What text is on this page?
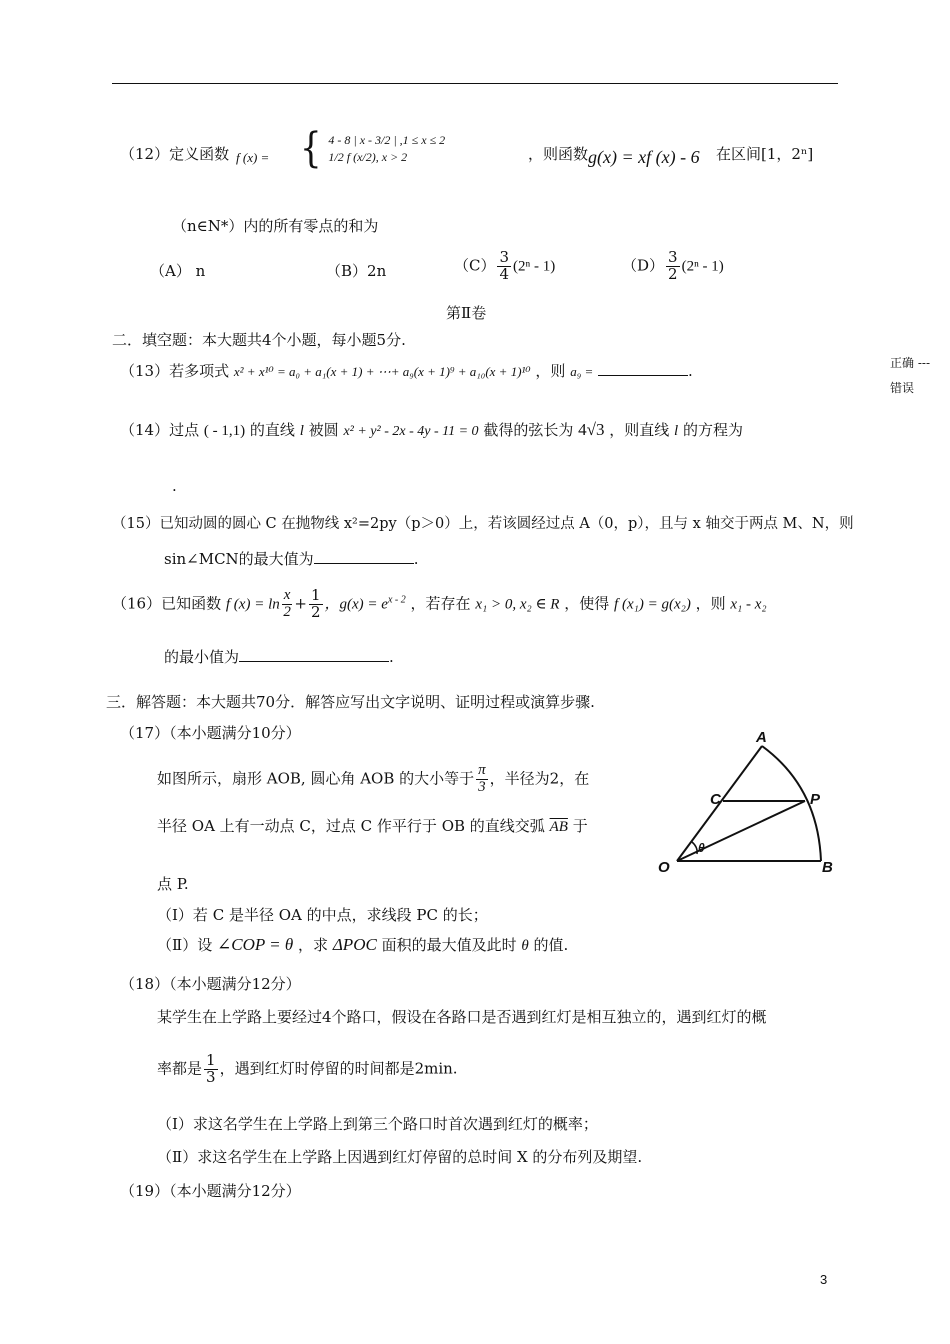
（12）定义函数 f (x) = { 4 - 8 | x - 3/2 | ,1 ≤ x ≤ 2
1/2 f (x/2), x > 2	，则函数 g(x) = xf (x) - 6 在区间[1，2ⁿ]
（n∈N*）内的所有零点的和为
（A） n	（B）2n	$(C) \frac{3}{4} (2^n - 1)$	$(D) \frac{3}{2} (2^n - 1)$
第Ⅱ卷
二．填空题：本大题共4个小题，每小题5分.
（13）若多项式 x² + x¹⁰ = a₀ + a₁(x + 1) + ⋯+ a₉(x + 1)⁹ + a₁₀(x + 1)¹⁰ ，则 a₉ =	.	正确 ---
错误
（14）过点 ( - 1,1) 的直线 l 被圆 x² + y² - 2x - 4y - 11 = 0 截得的弦长为 4√3 ，则直线 l 的方程为
.
（15）已知动圆的圆心 C 在抛物线 x²=2py（p＞0）上，若该圆经过点 A（0，p），且与 x 轴交于两点 M、N，则
sin∠MCN的最大值为	.
（16）已知函数 f $(x) = \ln \frac{x}{2} + \frac{1}{2}$ ，$g(x) = e^{x - 2}$ ，若存在 x₁ > 0, x₂ ∈ R ，使得 f (x₁) = g(x₂) ，则 x₁ - x₂
的最小值为	.
三．解答题：本大题共70分．解答应写出文字说明、证明过程或演算步骤.
（17）（本小题满分10分）
如图所示，扇形 AOB, 圆心角 AOB 的大小等于 $\frac{\pi}{3}$ ，半径为2，在
半径 OA 上有一动点 C，过点 C 作平行于 OB 的直线交弧 $\overline{AB}$ 于
点 P.
（Ⅰ）若 C 是半径 OA 的中点，求线段 PC 的长；
（Ⅱ）设 ∠COP = θ ，求 ΔPOC 面积的最大值及此时 θ 的值.
A
C	P
O	B
θ
（18）（本小题满分12分）
某学生在上学路上要经过4个路口，假设在各路口是否遇到红灯是相互独立的，遇到红灯的概
率都是 $\frac{1}{3}$ ，遇到红灯时停留的时间都是2min.
（Ⅰ）求这名学生在上学路上到第三个路口时首次遇到红灯的概率；
（Ⅱ）求这名学生在上学路上因遇到红灯停留的总时间 X 的分布列及期望.
（19）（本小题满分12分）
3
